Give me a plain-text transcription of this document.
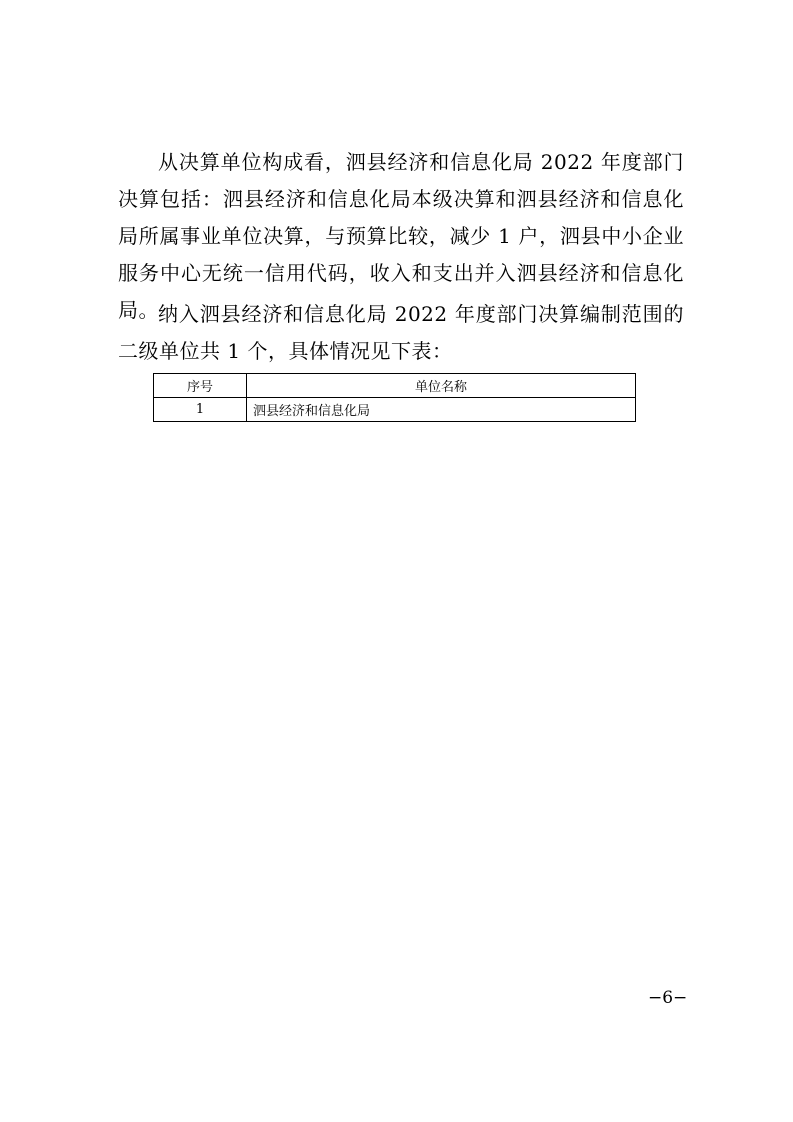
从决算单位构成看，泗县经济和信息化局 2022 年度部门决算包括：泗县经济和信息化局本级决算和泗县经济和信息化局所属事业单位决算，与预算比较，减少 1 户，泗县中小企业服务中心无统一信用代码，收入和支出并入泗县经济和信息化局。 纳入泗县经济和信息化局 2022 年度部门决算编制范围的二级单位共 1 个，具体情况见下表：

序号	单位名称
1	泗县经济和信息化局
−6−
